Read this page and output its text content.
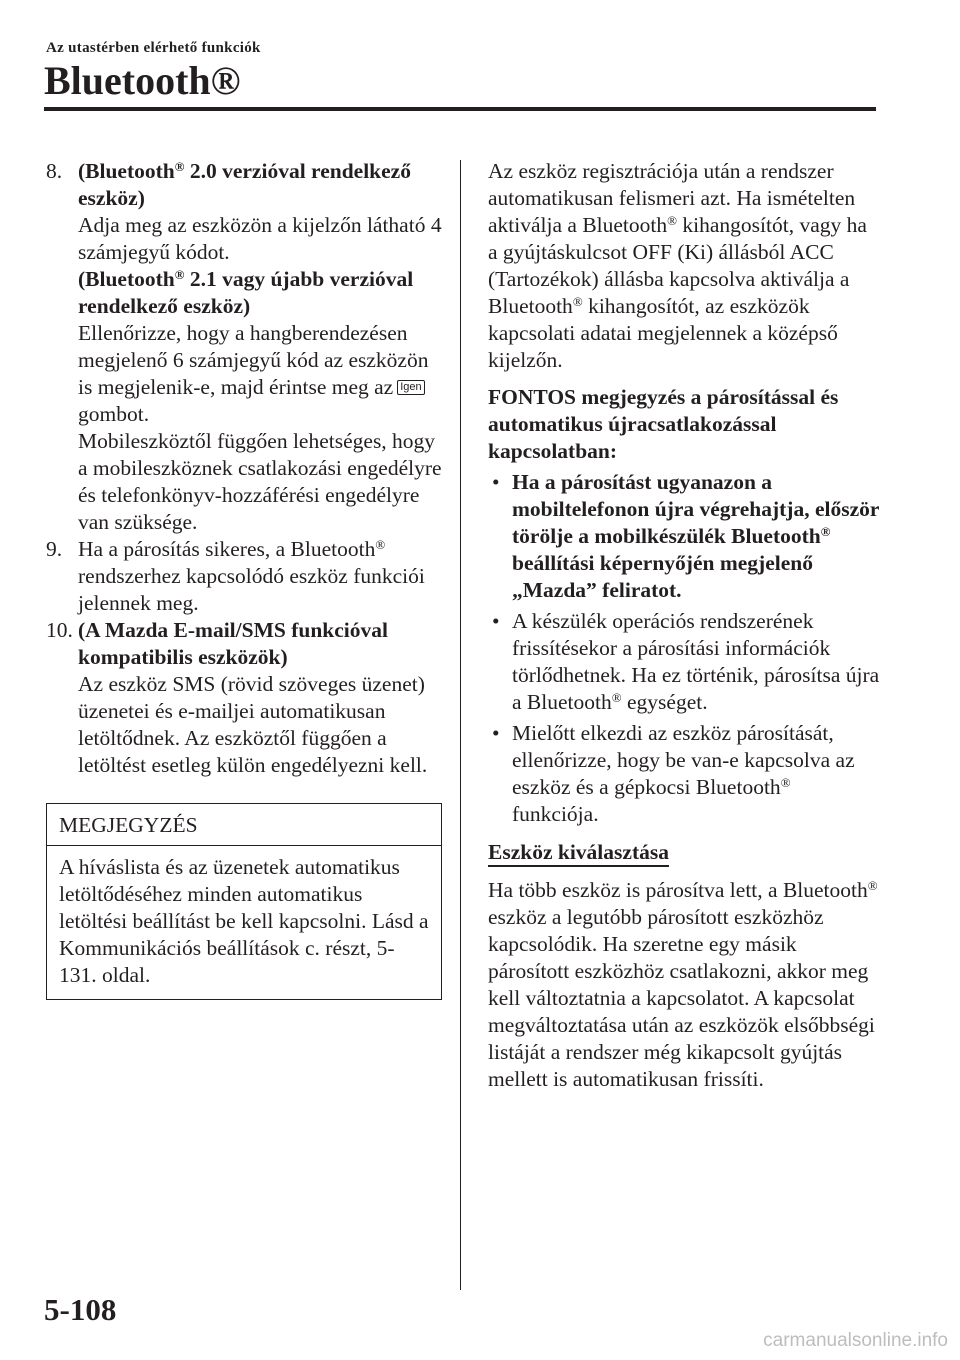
Az utastérben elérhető funkciók
Bluetooth®
8. (Bluetooth® 2.0 verzióval rendelkező eszköz)

Adja meg az eszközön a kijelzőn látható 4 számjegyű kódot.

(Bluetooth® 2.1 vagy újabb verzióval rendelkező eszköz)

Ellenőrizze, hogy a hangberendezésen megjelenő 6 számjegyű kód az eszközön is megjelenik-e, majd érintse meg az Igengombot.

Mobileszköztől függően lehetséges, hogy a mobileszköznek csatlakozási engedélyre és telefonkönyv-hozzáférési engedélyre van szüksége.

9. Ha a párosítás sikeres, a Bluetooth® rendszerhez kapcsolódó eszköz funkciói jelennek meg.

10. (A Mazda E-mail/SMS funkcióval kompatibilis eszközök)

Az eszköz SMS (rövid szöveges üzenet) üzenetei és e-mailjei automatikusan letöltődnek. Az eszköztől függően a letöltést esetleg külön engedélyezni kell.

MEGJEGYZÉS
A híváslista és az üzenetek automatikus letöltődéséhez minden automatikus letöltési beállítást be kell kapcsolni. Lásd a Kommunikációs beállítások c. részt, 5-131. oldal.

Az eszköz regisztrációja után a rendszer automatikusan felismeri azt. Ha ismételten aktiválja a Bluetooth® kihangosítót, vagy ha a gyújtáskulcsot OFF (Ki) állásból ACC (Tartozékok) állásba kapcsolva aktiválja a Bluetooth® kihangosítót, az eszközök kapcsolati adatai megjelennek a középső kijelzőn.

FONTOS megjegyzés a párosítással és automatikus újracsatlakozással kapcsolatban:

• Ha a párosítást ugyanazon a mobiltelefonon újra végrehajtja, először törölje a mobilkészülék Bluetooth® beállítási képernyőjén megjelenő „Mazda” feliratot.
• A készülék operációs rendszerének frissítésekor a párosítási információk törlődhetnek. Ha ez történik, párosítsa újra a Bluetooth® egységet.
• Mielőtt elkezdi az eszköz párosítását, ellenőrizze, hogy be van-e kapcsolva az eszköz és a gépkocsi Bluetooth® funkciója.
Eszköz kiválasztása

Ha több eszköz is párosítva lett, a Bluetooth® eszköz a legutóbb párosított eszközhöz kapcsolódik. Ha szeretne egy másik párosított eszközhöz csatlakozni, akkor meg kell változtatnia a kapcsolatot. A kapcsolat megváltoztatása után az eszközök elsőbbségi listáját a rendszer még kikapcsolt gyújtás mellett is automatikusan frissíti.

5-108
carmanualsonline.info
